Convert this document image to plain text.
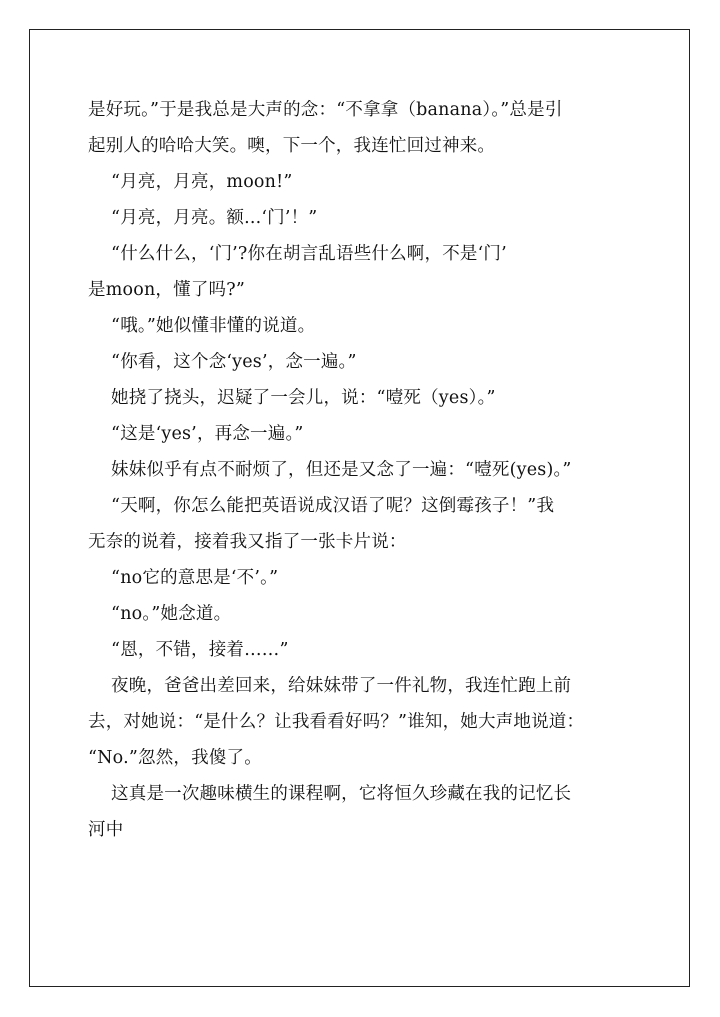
是好玩。”于是我总是大声的念：“不拿拿（banana）。”总是引
起别人的哈哈大笑。噢，下一个，我连忙回过神来。
“月亮，月亮，moon!”
“月亮，月亮。额...‘门’！”
“什么什么，‘门’?你在胡言乱语些什么啊，不是‘门’
是moon，懂了吗?”
“哦。”她似懂非懂的说道。
“你看，这个念‘yes’，念一遍。”
她挠了挠头，迟疑了一会儿，说：“噎死（yes）。”
“这是‘yes’，再念一遍。”
妹妹似乎有点不耐烦了，但还是又念了一遍：“噎死(yes)。”
“天啊，你怎么能把英语说成汉语了呢？这倒霉孩子！”我
无奈的说着，接着我又指了一张卡片说：
“no它的意思是‘不’。”
“no。”她念道。
“恩，不错，接着……”
夜晚，爸爸出差回来，给妹妹带了一件礼物，我连忙跑上前
去，对她说：“是什么？让我看看好吗？”谁知，她大声地说道：
“No.”忽然，我傻了。
这真是一次趣味横生的课程啊，它将恒久珍藏在我的记忆长
河中
